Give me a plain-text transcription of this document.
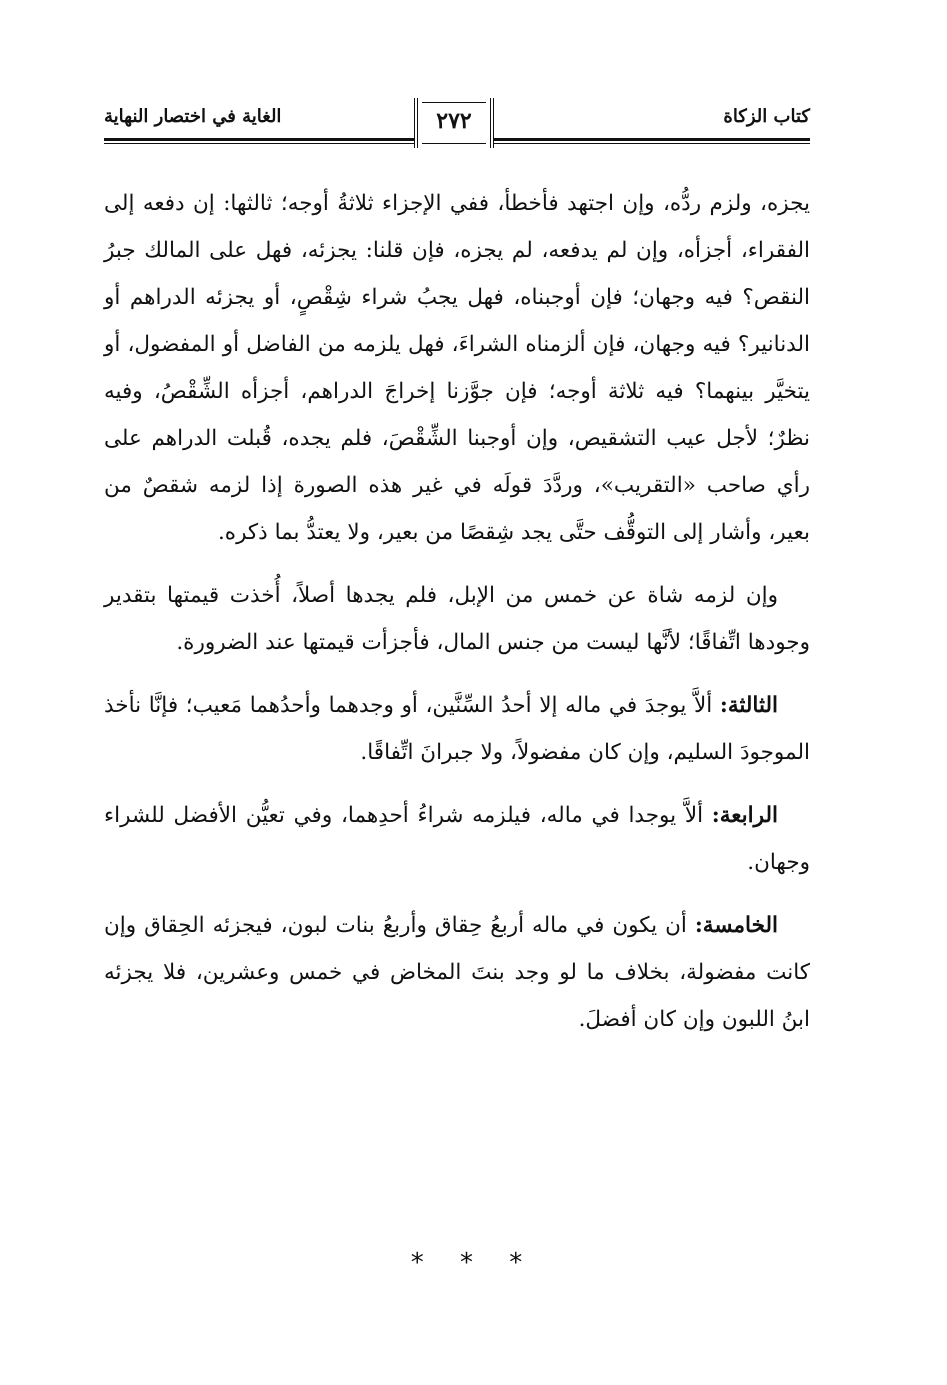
كتاب الزكاة
الغاية في اختصار النهاية	٢٧٢

يجزه، ولزم ردُّه، وإن اجتهد فأخطأ، ففي الإجزاء ثلاثةُ أوجه؛ ثالثها: إن دفعه إلى الفقراء، أجزأه، وإن لم يدفعه، لم يجزه، فإن قلنا: يجزئه، فهل على المالك جبرُ النقص؟ فيه وجهان؛ فإن أوجبناه، فهل يجبُ شراء شِقْصٍ، أو يجزئه الدراهم أو الدنانير؟ فيه وجهان، فإن ألزمناه الشراءَ، فهل يلزمه من الفاضل أو المفضول، أو يتخيَّر بينهما؟ فيه ثلاثة أوجه؛ فإن جوَّزنا إخراجَ الدراهم، أجزأه الشِّقْصُ، وفيه نظرٌ؛ لأجل عيب التشقيص، وإن أوجبنا الشِّقْصَ، فلم يجده، قُبلت الدراهم على رأي صاحب «التقريب»، وردَّدَ قولَه في غير هذه الصورة إذا لزمه شقصٌ من بعير، وأشار إلى التوقُّف حتَّى يجد شِقصًا من بعير، ولا يعتدُّ بما ذكره.

وإن لزمه شاة عن خمس من الإبل، فلم يجدها أصلاً، أُخذت قيمتها بتقدير وجودها اتِّفاقًا؛ لأنَّها ليست من جنس المال، فأجزأت قيمتها عند الضرورة.

الثالثة: ألاَّ يوجدَ في ماله إلا أحدُ السِّنَّين، أو وجدهما وأحدُهما مَعيب؛ فإنَّا نأخذ الموجودَ السليم، وإن كان مفضولاً، ولا جبرانَ اتِّفاقًا.

الرابعة: ألاَّ يوجدا في ماله، فيلزمه شراءُ أحدِهما، وفي تعيُّن الأفضل للشراء وجهان.

الخامسة: أن يكون في ماله أربعُ حِقاق وأربعُ بنات لبون، فيجزئه الحِقاق وإن كانت مفضولة، بخلاف ما لو وجد بنتَ المخاض في خمس وعشرين، فلا يجزئه ابنُ اللبون وإن كان أفضلَ.

* * *
